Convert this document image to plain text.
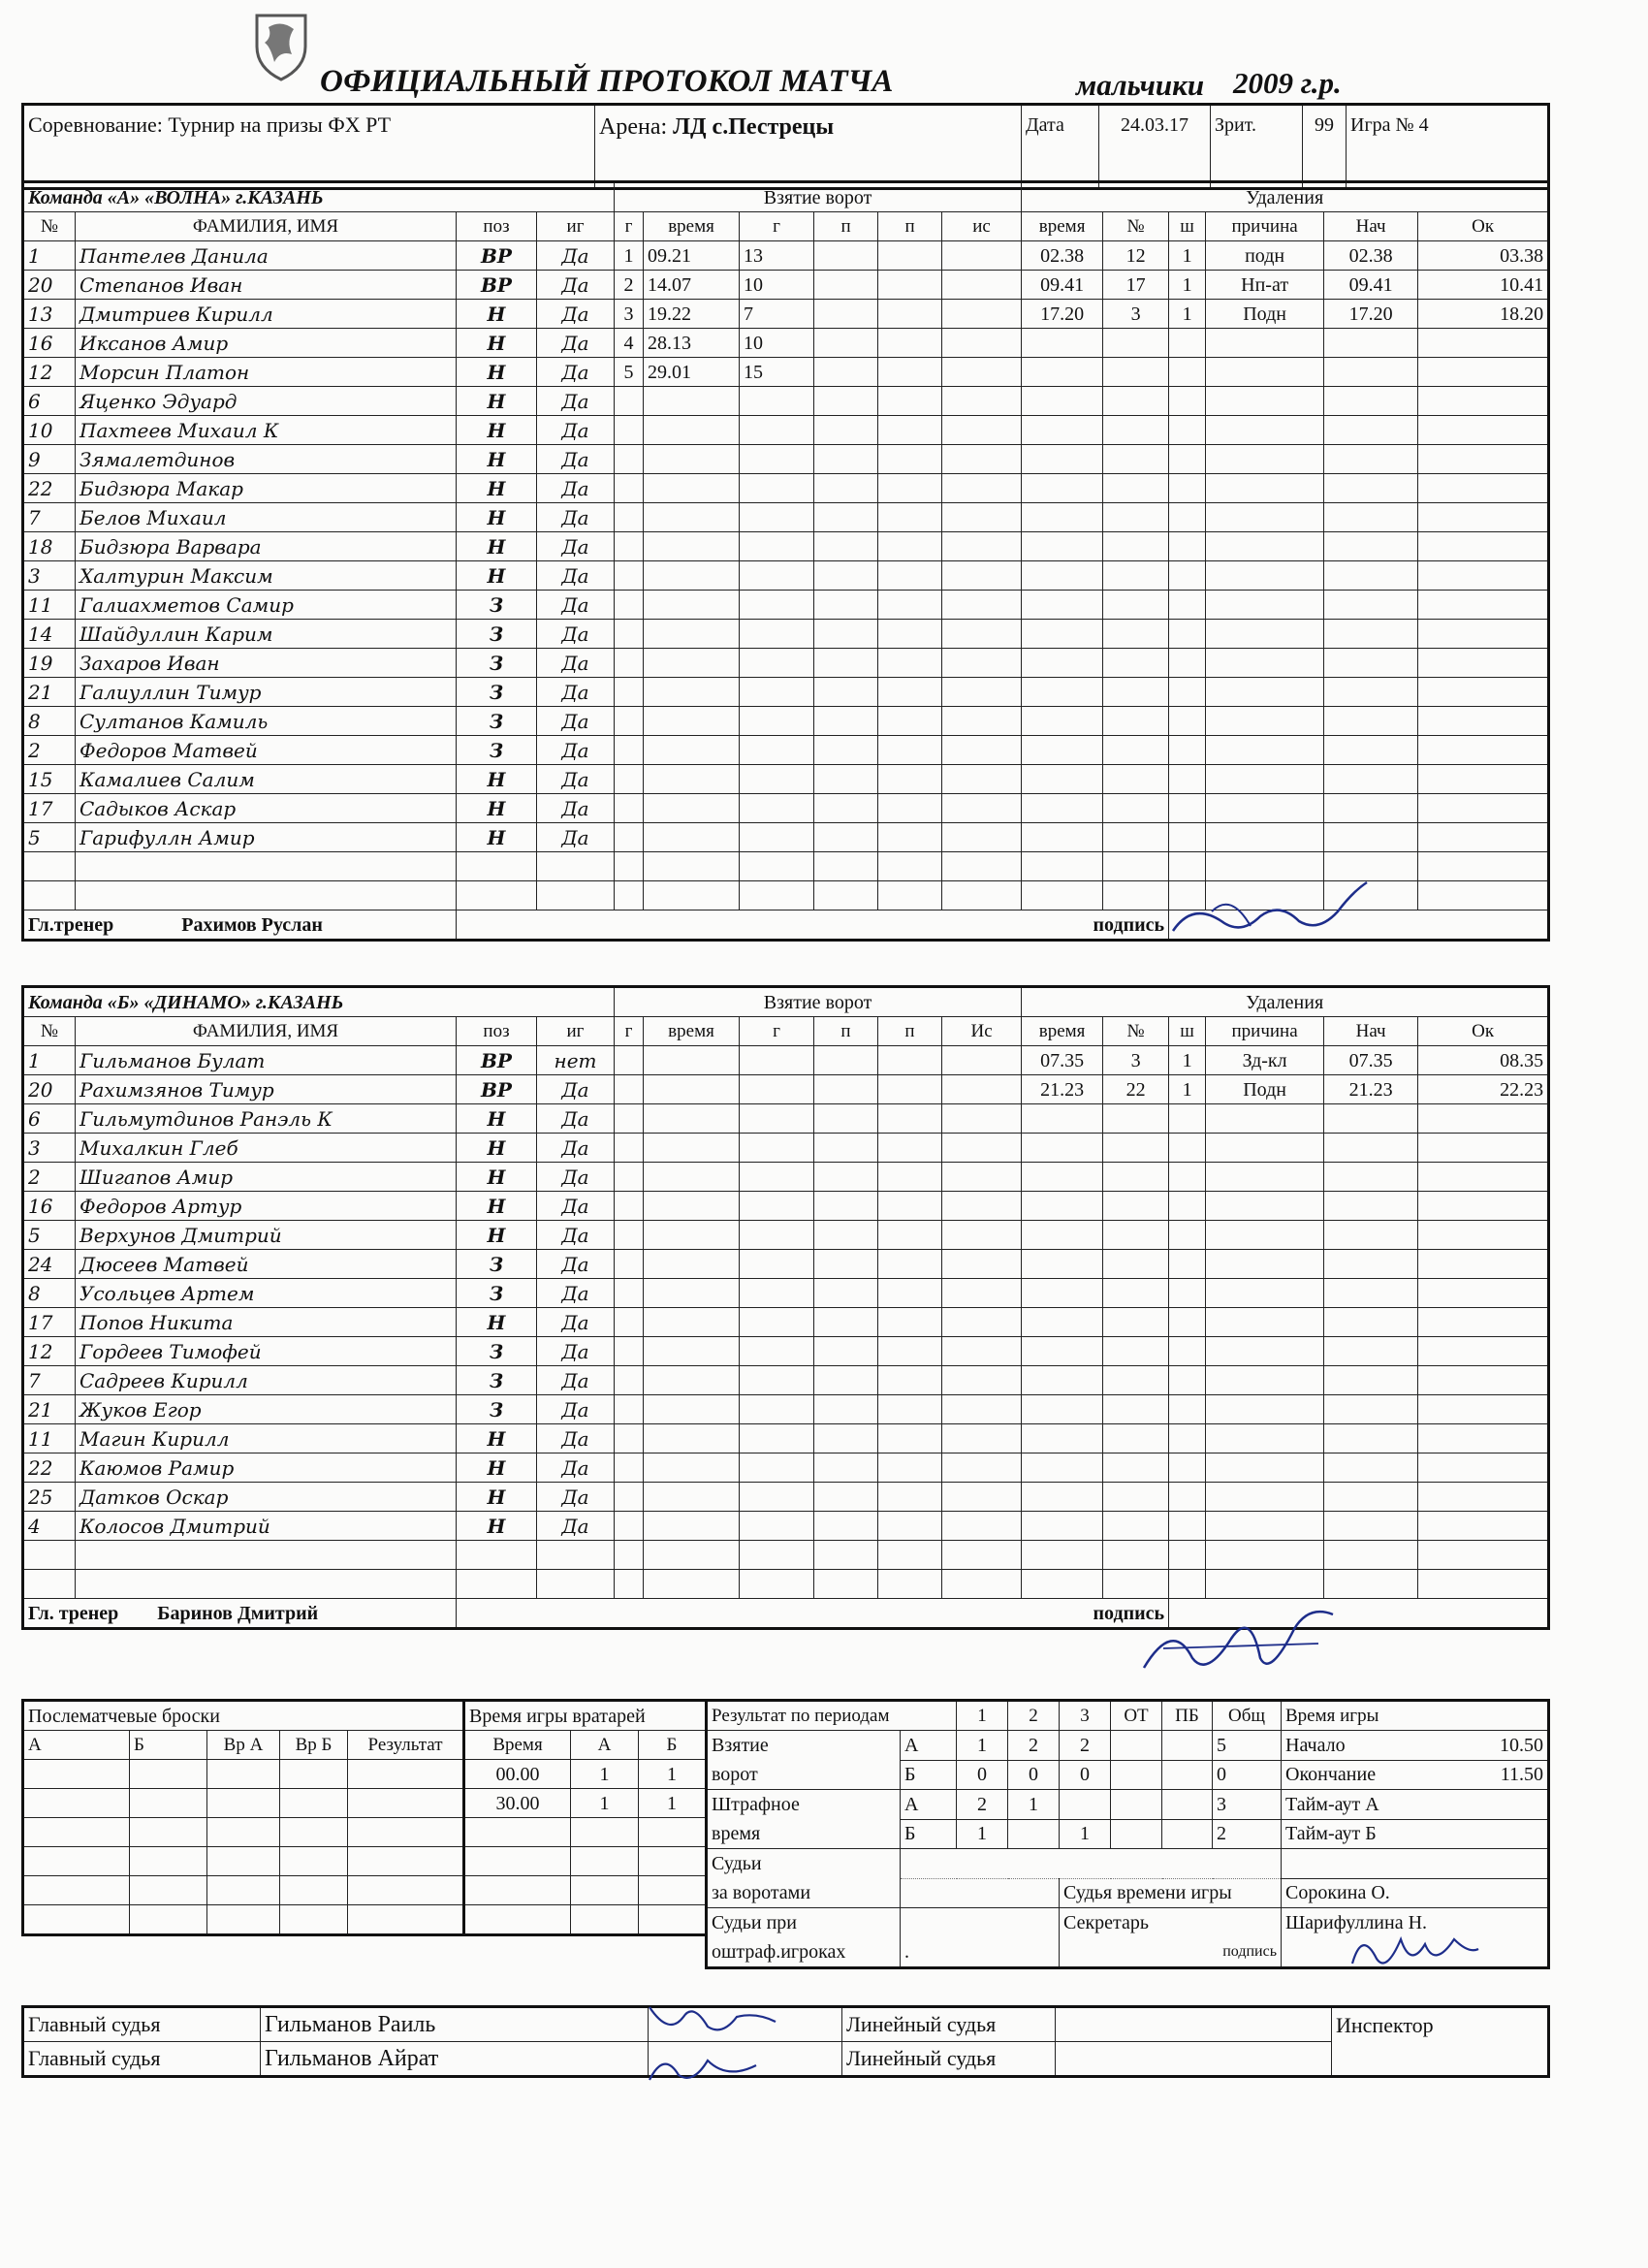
ОФИЦИАЛЬНЫЙ ПРОТОКОЛ МАТЧА	мальчики 2009 г.р.
Соревнование: Турнир на призы ФХ РТ	Арена: ЛД с.Пестрецы	Дата	24.03.17	Зрит.	99	Игра № 4
Команда «А» «ВОЛНА» г.КАЗАНЬ				Взятие ворот						Удаления					
№	ФАМИЛИЯ, ИМЯ	поз	иг	г	время	г	п	п	ис	время	№	ш	причина	Нач	Ок
1	Пантелев Данила	ВР	Да	1	09.21	13				02.38	12	1	подн	02.38	03.38
20	Степанов Иван	ВР	Да	2	14.07	10				09.41	17	1	Нп-ат	09.41	10.41
13	Дмитриев Кирилл	Н	Да	3	19.22	7				17.20	3	1	Подн	17.20	18.20
16	Иксанов Амир	Н	Да	4	28.13	10									
12	Морсин Платон	Н	Да	5	29.01	15									
6	Яценко Эдуард	Н	Да												
10	Пахтеев Михаил К	Н	Да												
9	Зямалетдинов	Н	Да												
22	Бидзюра Макар	Н	Да												
7	Белов Михаил	Н	Да												
18	Бидзюра Варвара	Н	Да												
3	Халтурин Максим	Н	Да												
11	Галиахметов Самир	З	Да												
14	Шайдуллин Карим	З	Да												
19	Захаров Иван	З	Да												
21	Галиуллин Тимур	З	Да												
8	Султанов Камиль	З	Да												
2	Федоров Матвей	З	Да												
15	Камалиев Салим	Н	Да												
17	Садыков Аскар	Н	Да												
5	Гарифуллн Амир	Н	Да												

Гл.тренер Рахимов Руслан		подпись													
Команда «Б» «ДИНАМО» г.КАЗАНЬ				Взятие ворот						Удаления					
№	ФАМИЛИЯ, ИМЯ	поз	иг	г	время	г	п	п	Ис	время	№	ш	причина	Нач	Ок
1	Гильманов Булат	ВР	нет							07.35	3	1	Зд-кл	07.35	08.35
20	Рахимзянов Тимур	ВР	Да							21.23	22	1	Подн	21.23	22.23
6	Гильмутдинов Ранэль К	Н	Да												
3	Михалкин Глеб	Н	Да												
2	Шигапов Амир	Н	Да												
16	Федоров Артур	Н	Да												
5	Верхунов Дмитрий	Н	Да												
24	Дюсеев Матвей	З	Да												
8	Усольцев Артем	З	Да												
17	Попов Никита	Н	Да												
12	Гордеев Тимофей	З	Да												
7	Садреев Кирилл	З	Да												
21	Жуков Егор	З	Да												
11	Магин Кирилл	Н	Да												
22	Каюмов Рамир	Н	Да												
25	Датков Оскар	Н	Да												
4	Колосов Дмитрий	Н	Да												

Гл. тренер Баринов Дмитрий		подпись													
Послематчевые броски				
А	Б	Вр А	Вр Б	Результат

Время игры вратарей		
Время	А	Б
00.00	1	1
30.00	1	1

Результат по периодам		1	2	3	ОТ	ПБ	Общ	Время игры
Взятие
ворот	А	1	2	2			5	Начало 10.50

	Б	0	0	0			0	Окончание 11.50

Штрафное
время	А	2	1				3	Тайм-аут А
	Б	1		1			2	Тайм-аут Б
Судьи
за воротами								
				Судья времени игры				Сорокина О.
Судьи при
оштраф.игроках				Секретарь				Шарифуллина Н.
	.			подпись				
Главный судья	Гильманов Раиль		Линейный судья		Инспектор
Главный судья	Гильманов Айрат		Линейный судья		
